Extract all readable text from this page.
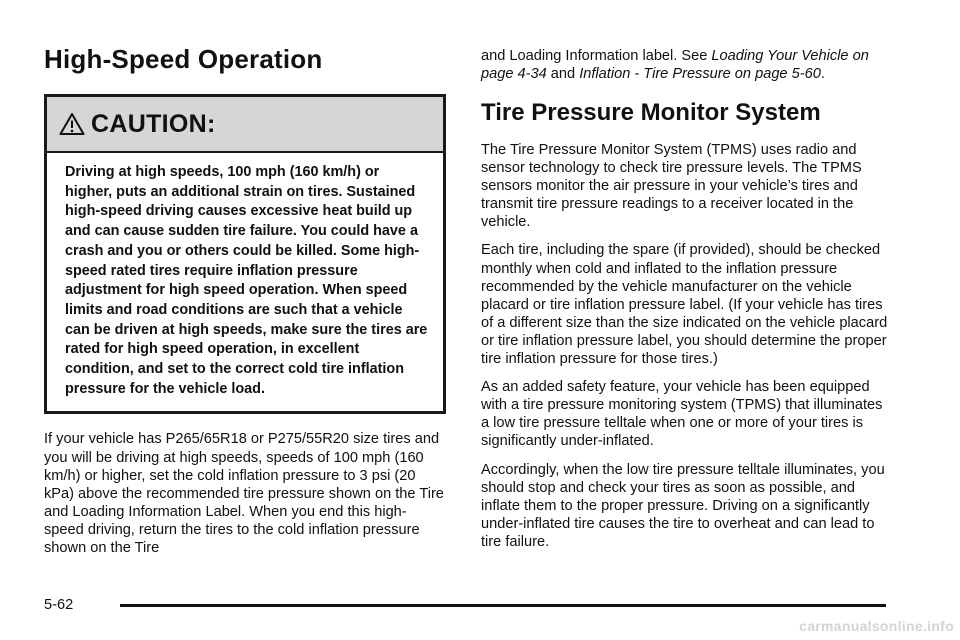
High-Speed Operation
CAUTION:
Driving at high speeds, 100 mph (160 km/h) or higher, puts an additional strain on tires. Sustained high-speed driving causes excessive heat build up and can cause sudden tire failure. You could have a crash and you or others could be killed. Some high-speed rated tires require inflation pressure adjustment for high speed operation. When speed limits and road conditions are such that a vehicle can be driven at high speeds, make sure the tires are rated for high speed operation, in excellent condition, and set to the correct cold tire inflation pressure for the vehicle load.

If your vehicle has P265/65R18 or P275/55R20 size tires and you will be driving at high speeds, speeds of 100 mph (160 km/h) or higher, set the cold inflation pressure to 3 psi (20 kPa) above the recommended tire pressure shown on the Tire and Loading Information Label. When you end this high-speed driving, return the tires to the cold inflation pressure shown on the Tire

and Loading Information label. See Loading Your Vehicle on page 4-34 and Inflation - Tire Pressure on page 5-60.

Tire Pressure Monitor System

The Tire Pressure Monitor System (TPMS) uses radio and sensor technology to check tire pressure levels. The TPMS sensors monitor the air pressure in your vehicle’s tires and transmit tire pressure readings to a receiver located in the vehicle.

Each tire, including the spare (if provided), should be checked monthly when cold and inflated to the inflation pressure recommended by the vehicle manufacturer on the vehicle placard or tire inflation pressure label. (If your vehicle has tires of a different size than the size indicated on the vehicle placard or tire inflation pressure label, you should determine the proper tire inflation pressure for those tires.)

As an added safety feature, your vehicle has been equipped with a tire pressure monitoring system (TPMS) that illuminates a low tire pressure telltale when one or more of your tires is significantly under-inflated.

Accordingly, when the low tire pressure telltale illuminates, you should stop and check your tires as soon as possible, and inflate them to the proper pressure. Driving on a significantly under-inflated tire causes the tire to overheat and can lead to tire failure.

5-62
carmanualsonline.info
